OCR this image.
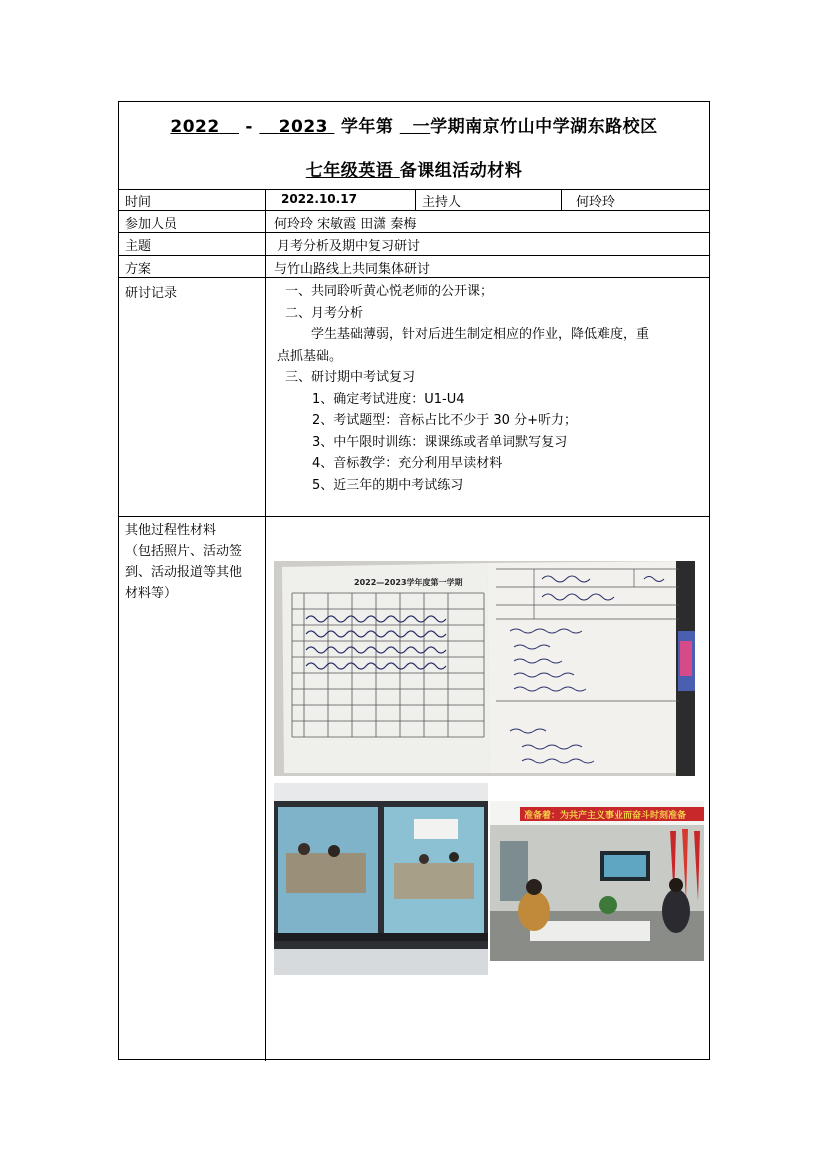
2022 - 2023 学年第 一学期南京竹山中学湖东路校区
七年级英语 备课组活动材料
时间	2022.10.17	主持人	何玲玲
参加人员	何玲玲 宋敏霞 田潇 秦梅
主题	月考分析及期中复习研讨
方案	与竹山路线上共同集体研讨
研讨记录	一、共同聆听黄心悦老师的公开课；

二、月考分析

学生基础薄弱，针对后进生制定相应的作业，降低难度，重

点抓基础。

三、研讨期中考试复习

1、确定考试进度：U1-U4

2、考试题型：音标占比不少于 30 分+听力；

3、中午限时训练：课课练或者单词默写复习

4、音标教学：充分利用早读材料

5、近三年的期中考试练习

其他过程性材料
（包括照片、活动签
到、活动报道等其他
材料等）
2022—2023学年度第一学期
准备着：为共产主义事业而奋斗时刻准备
